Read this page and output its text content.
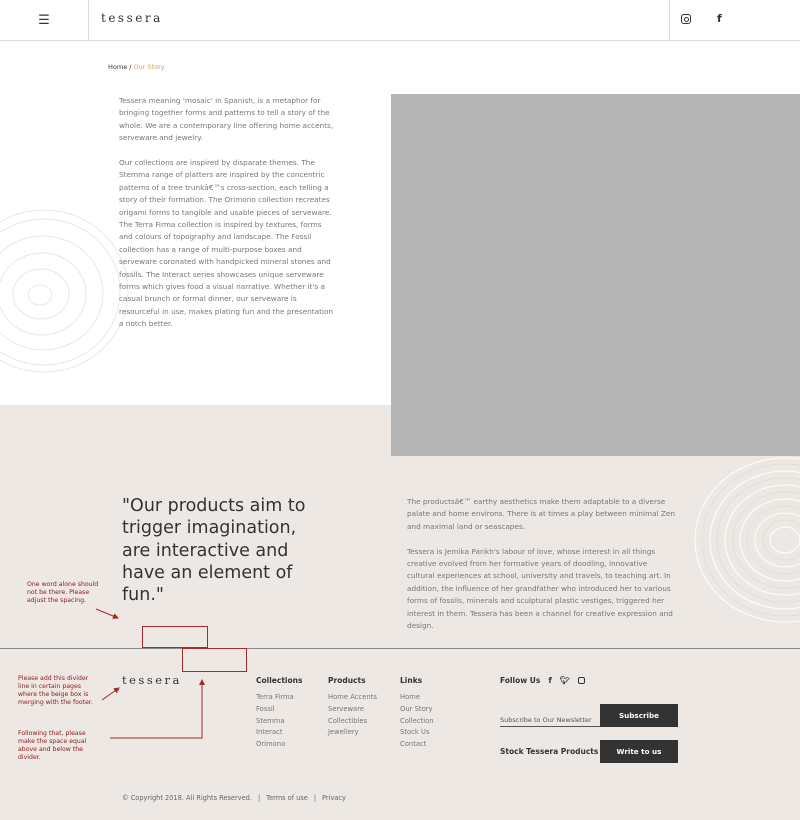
☰	tessera	f
Home / Our Story

Tessera meaning 'mosaic' in Spanish, is a metaphor for bringing together forms and patterns to tell a story of the whole. We are a contemporary line offering home accents, serveware and jewelry.

Our collections are inspired by disparate themes. The Stemma range of platters are inspired by the concentric patterns of a tree trunkâ€™s cross-section, each telling a story of their formation. The Orimono collection recreates origami forms to tangible and usable pieces of serveware. The Terra Firma collection is inspired by textures, forms and colours of topography and landscape. The Fossil collection has a range of multi-purpose boxes and serveware coronated with handpicked mineral stones and fossils. The Interact series showcases unique serveware forms which gives food a visual narrative. Whether it's a casual brunch or formal dinner, our serveware is resourceful in use, makes plating fun and the presentation a notch better.

"Our products aim to trigger imagination, are interactive and have an element of fun."

The productsâ€™ earthy aesthetics make them adaptable to a diverse palate and home environs. There is at times a play between minimal Zen and maximal land or seascapes.

Tessera is Jemika Parikh's labour of love, whose interest in all things creative evolved from her formative years of doodling, innovative cultural experiences at school, university and travels, to teaching art. In addition, the influence of her grandfather who introduced her to various forms of fossils, minerals and sculptural plastic vestiges, triggered her interest in them. Tessera has been a channel for creative expression and design.

One word alone should not be there. Please adjust the spacing.
Please add this divider line in certain pages where the beige box is merging with the footer.
Following that, please make the space equal above and below the divider.
tessera	Collections
Terra Firma
Fossil
Stemma
Interact
Orimono
Products
Home Accents
Serveware
Collectibles
Jewellery
Links
Home
Our Story
Collection
Stock Us
Contact
Follow Us f 🐦︎
Subscribe to Our Newsletter	Subscribe
Stock Tessera Products	Write to us
© Copyright 2018. All Rights Reserved. | Terms of use | Privacy
